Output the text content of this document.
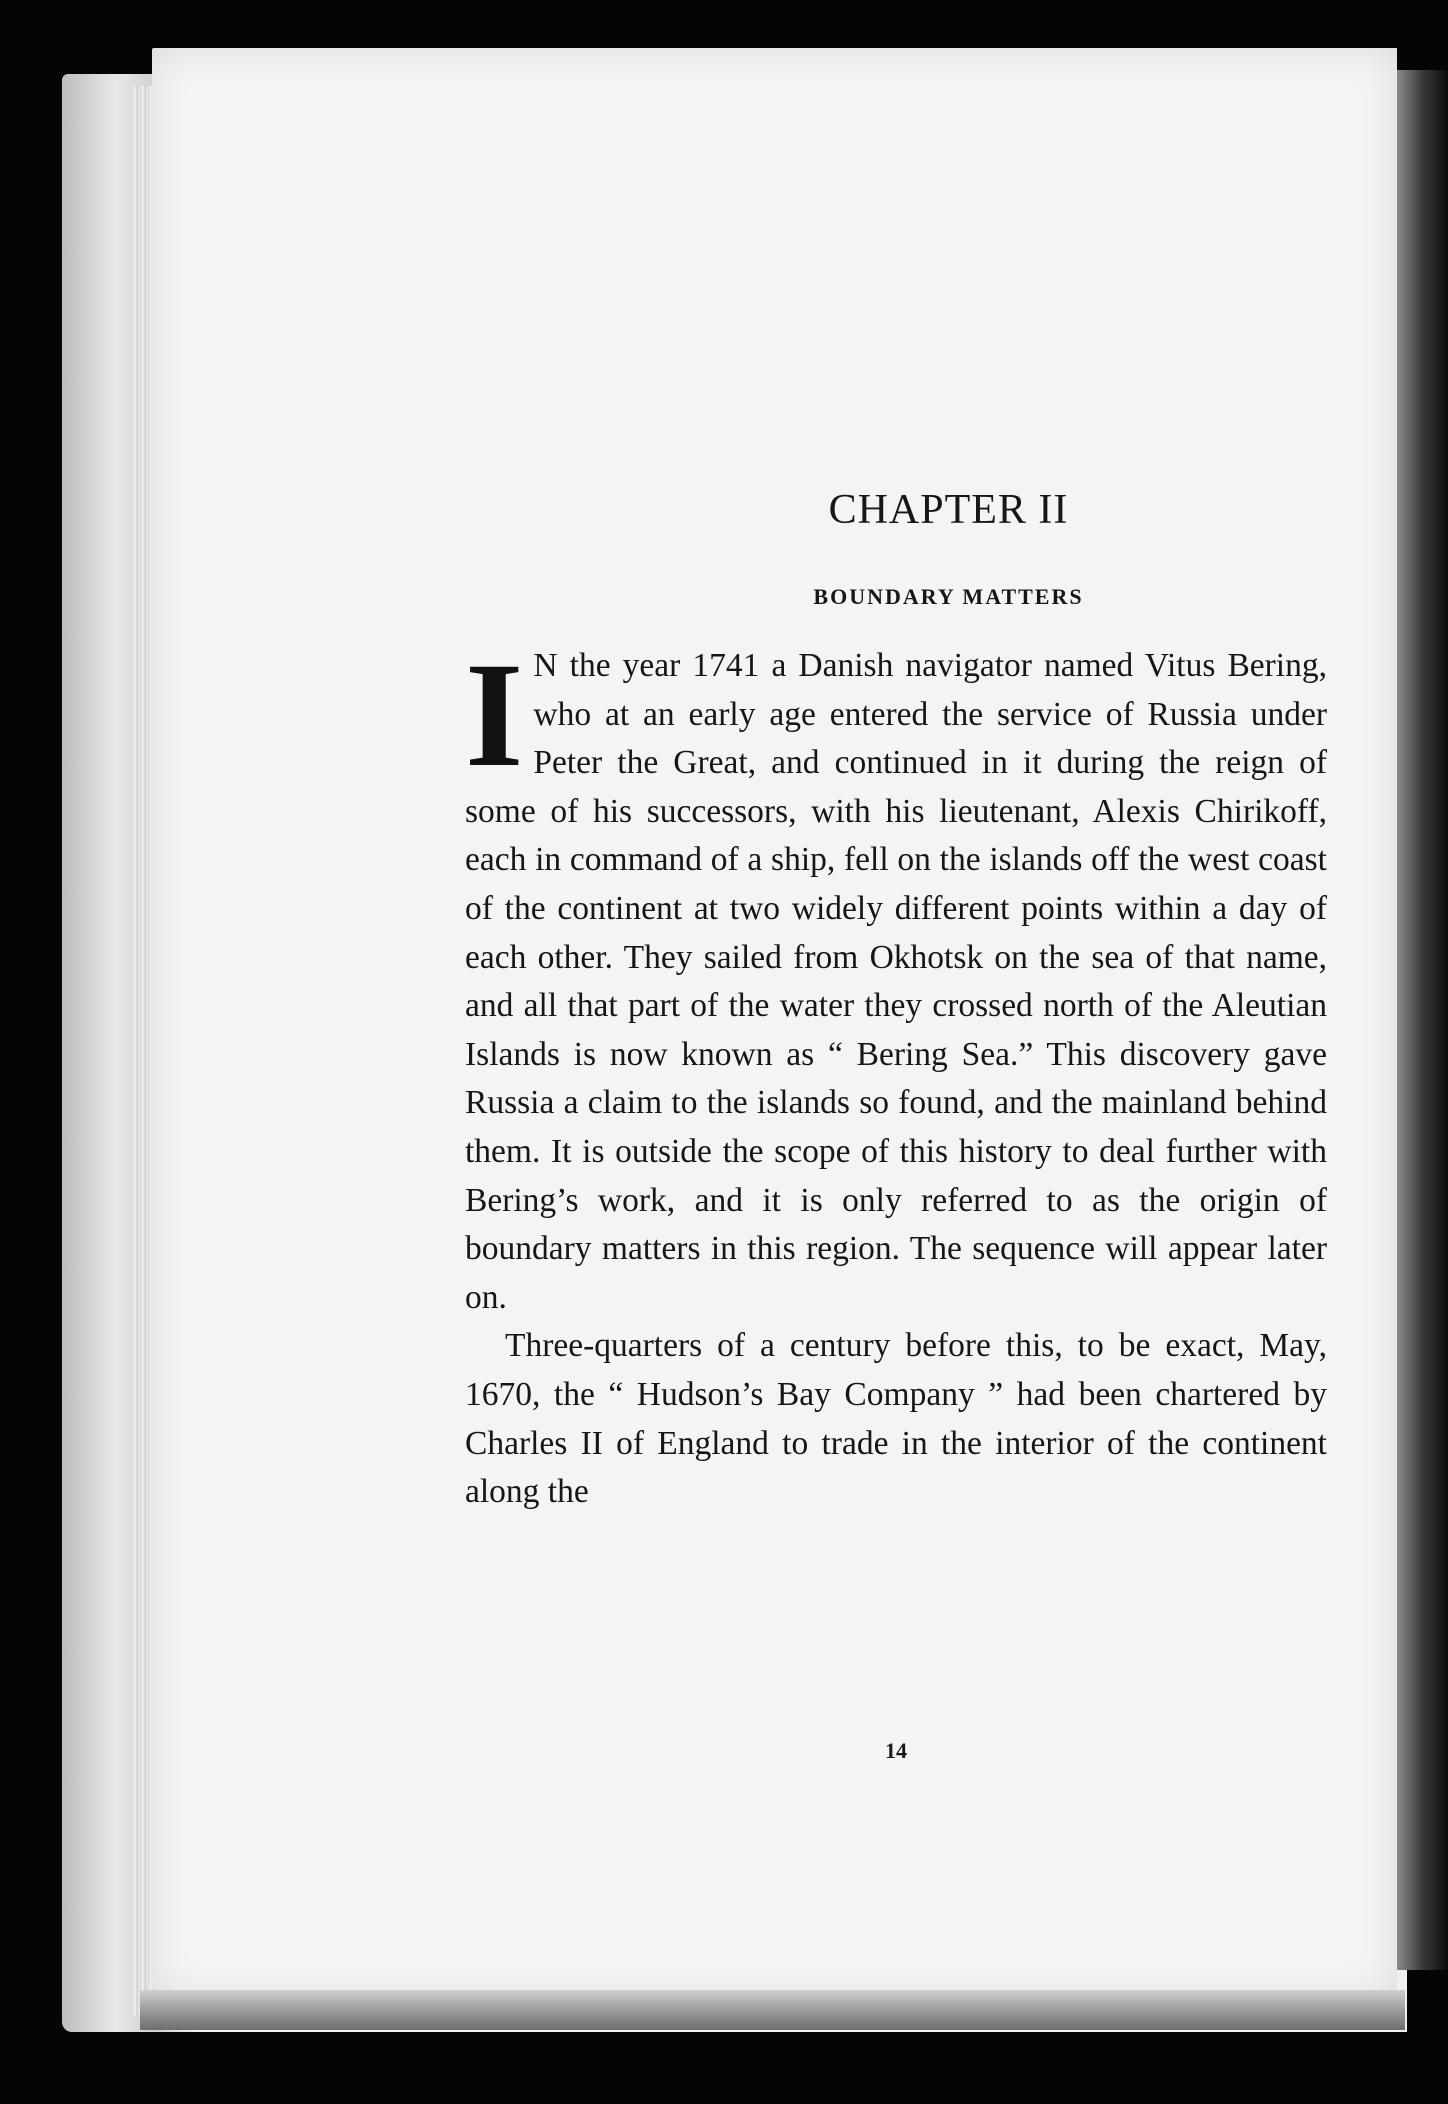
CHAPTER II
BOUNDARY MATTERS

I N the year 1741 a Danish navigator named Vitus Bering, who at an early age entered the service of Russia under Peter the Great, and continued in it during the reign of some of his successors, with his lieutenant, Alexis Chirikoff, each in command of a ship, fell on the islands off the west coast of the continent at two widely different points within a day of each other. They sailed from Okhotsk on the sea of that name, and all that part of the water they crossed north of the Aleutian Islands is now known as “ Bering Sea.” This discovery gave Russia a claim to the islands so found, and the mainland behind them. It is outside the scope of this history to deal further with Bering’s work, and it is only referred to as the origin of boundary matters in this region. The sequence will appear later on.

Three-quarters of a century before this, to be exact, May, 1670, the “ Hudson’s Bay Company ” had been chartered by Charles II of England to trade in the interior of the continent along the

14
